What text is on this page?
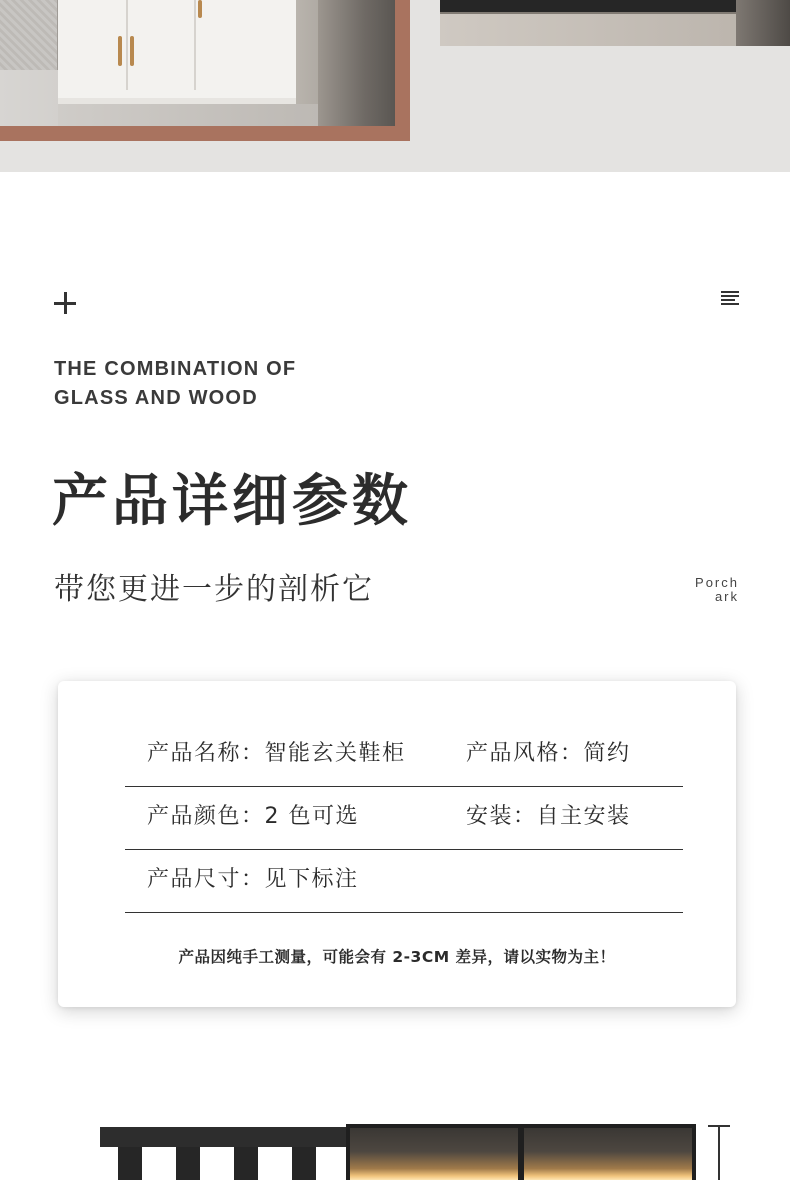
THE COMBINATION OF
GLASS AND WOOD
产品详细参数
带您更进一步的剖析它	Porch
ark
产品名称：智能玄关鞋柜	产品风格：简约
产品颜色：2 色可选	安装：自主安装
产品尺寸：见下标注
产品因纯手工测量，可能会有 2-3CM 差异，请以实物为主！
